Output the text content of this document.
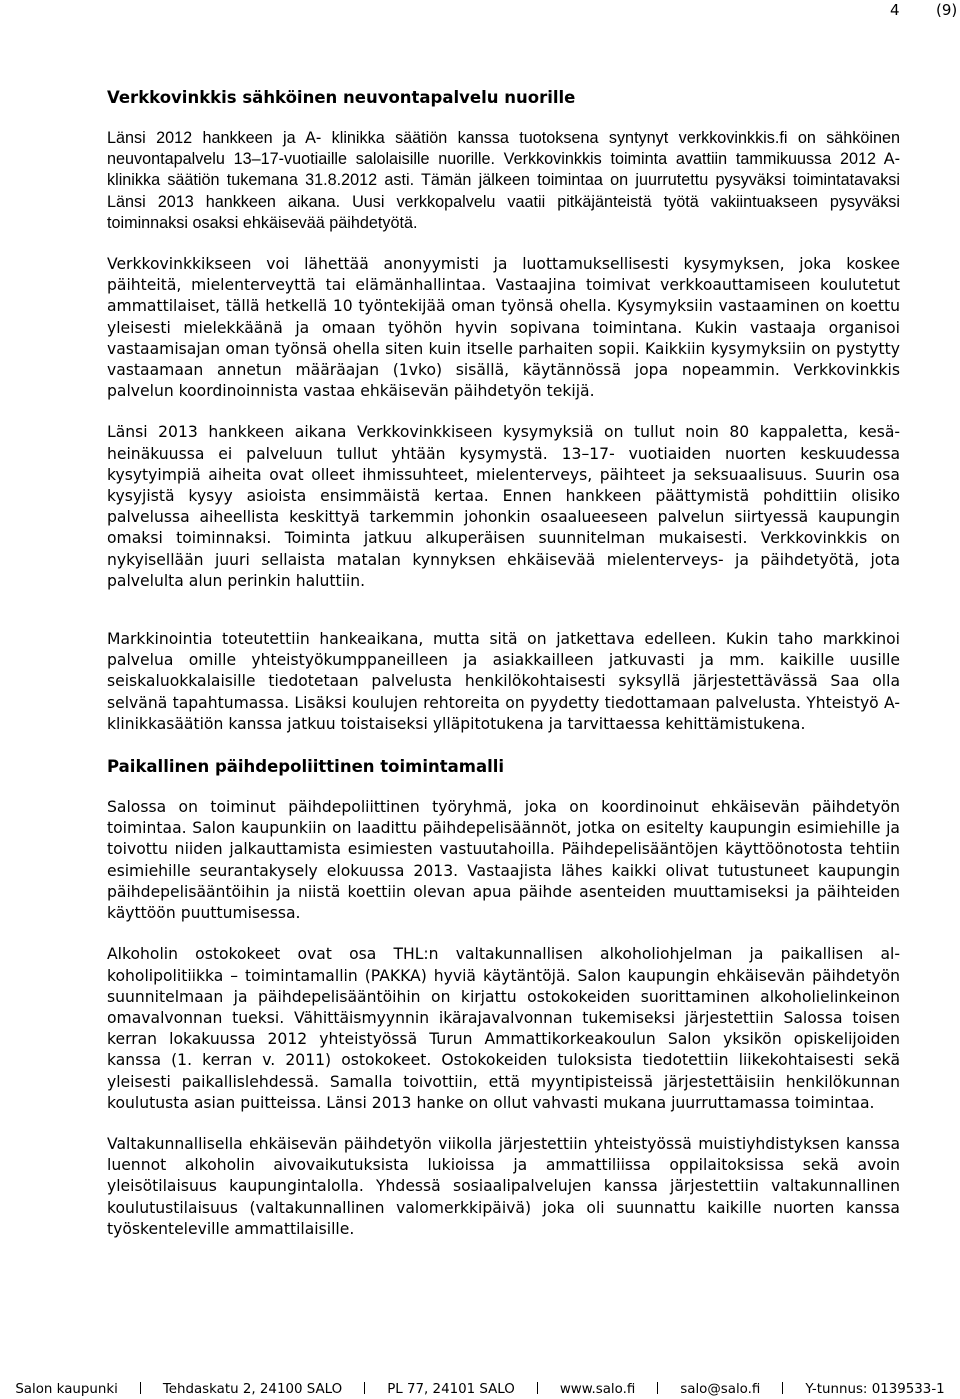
4 (9)
Verkkovinkkis sähköinen neuvontapalvelu nuorille

Länsi 2012 hankkeen ja A- klinikka säätiön kanssa tuotoksena syntynyt verkkovinkkis.fi on sähköinen neuvontapalvelu 13–17-vuotiaille salolaisille nuorille. Verkkovinkkis toiminta avattiin tammikuussa 2012 A-klinikka säätiön tukemana 31.8.2012 asti. Tämän jälkeen toimintaa on juurrutettu pysyväksi toimintatavaksi Länsi 2013 hankkeen aikana. Uusi verkkopalvelu vaatii pitkäjänteistä työtä vakiintuakseen pysyväksi toiminnaksi osaksi ehkäisevää päihdetyötä.

Verkkovinkkikseen voi lähettää anonyymisti ja luottamuksellisesti kysymyksen, joka koskee päihteitä, mielenterveyttä tai elämänhallintaa. Vastaajina toimivat verkkoauttamiseen koulutetut ammattilaiset, tällä hetkellä 10 työntekijää oman työnsä ohella. Kysymyksiin vastaaminen on koettu yleisesti mielekkäänä ja omaan työhön hyvin sopivana toimintana. Kukin vastaaja organisoi vastaamisajan oman työnsä ohella siten kuin itselle parhaiten sopii. Kaikkiin kysymyksiin on pystytty vastaamaan annetun määräajan (1vko) sisällä, käytännössä jopa nopeammin. Verkkovinkkis palvelun koordinoinnista vastaa ehkäisevän päihdetyön tekijä.

Länsi 2013 hankkeen aikana Verkkovinkkiseen kysymyksiä on tullut noin 80 kappaletta, kesä- heinäkuussa ei palveluun tullut yhtään kysymystä. 13–17- vuotiaiden nuorten keskuudessa kysytyimpiä aiheita ovat olleet ihmissuhteet, mielenterveys, päihteet ja seksuaalisuus. Suurin osa kysyjistä kysyy asioista ensimmäistä kertaa. Ennen hankkeen päättymistä pohdittiin olisiko palvelussa aiheellista keskittyä tarkemmin johonkin osaalueeseen palvelun siirtyessä kaupungin omaksi toiminnaksi. Toiminta jatkuu alkuperäisen suunnitelman mukaisesti. Verkkovinkkis on nykyisellään juuri sellaista matalan kynnyksen ehkäisevää mielenterveys- ja päihdetyötä, jota palvelulta alun perinkin haluttiin.

Markkinointia toteutettiin hankeaikana, mutta sitä on jatkettava edelleen. Kukin taho markkinoi palvelua omille yhteistyökumppaneilleen ja asiakkailleen jatkuvasti ja mm. kaikille uusille seiskaluokkalaisille tiedotetaan palvelusta henkilökohtaisesti syksyllä järjestettävässä Saa olla selvänä tapahtumassa. Lisäksi koulujen rehtoreita on pyydetty tiedottamaan palvelusta. Yhteistyö A-klinikkasäätiön kanssa jatkuu toistaiseksi ylläpitotukena ja tarvittaessa kehittämistukena.

Paikallinen päihdepoliittinen toimintamalli

Salossa on toiminut päihdepoliittinen työryhmä, joka on koordinoinut ehkäisevän päihdetyön toimintaa. Salon kaupunkiin on laadittu päihdepelisäännöt, jotka on esitelty kaupungin esimiehille ja toivottu niiden jalkauttamista esimiesten vastuutahoilla. Päihdepelisääntöjen käyttöönotosta tehtiin esimiehille seurantakysely elokuussa 2013. Vastaajista lähes kaikki olivat tutustuneet kaupungin päihdepelisääntöihin ja niistä koettiin olevan apua päihde asenteiden muuttamiseksi ja päihteiden käyttöön puuttumisessa.

Alkoholin ostokokeet ovat osa THL:n valtakunnallisen alkoholiohjelman ja paikallisen alkoholipolitiikka – toimintamallin (PAKKA) hyviä käytäntöjä. Salon kaupungin ehkäisevän päihdetyön suunnitelmaan ja päihdepelisääntöihin on kirjattu ostokokeiden suorittaminen alkoholielinkeinon omavalvonnan tueksi. Vähittäismyynnin ikärajavalvonnan tukemiseksi järjestettiin Salossa toisen kerran lokakuussa 2012 yhteistyössä Turun Ammattikorkeakoulun Salon yksikön opiskelijoiden kanssa (1. kerran v. 2011) ostokokeet. Ostokokeiden tuloksista tiedotettiin liikekohtaisesti sekä yleisesti paikallislehdessä. Samalla toivottiin, että myyntipisteissä järjestettäisiin henkilökunnan koulutusta asian puitteissa. Länsi 2013 hanke on ollut vahvasti mukana juurruttamassa toimintaa.

Valtakunnallisella ehkäisevän päihdetyön viikolla järjestettiin yhteistyössä muistiyhdistyksen kanssa luennot alkoholin aivovaikutuksista lukioissa ja ammattiliissa oppilaitoksissa sekä avoin yleisötilaisuus kaupungintalolla. Yhdessä sosiaalipalvelujen kanssa järjestettiin valtakunnallinen koulutustilaisuus (valtakunnallinen valomerkkipäivä) joka oli suunnattu kaikille nuorten kanssa työskenteleville ammattilaisille.

Salon kaupunki	Tehdaskatu 2, 24100 SALO	PL 77, 24101 SALO	www.salo.fi	salo@salo.fi	Y-tunnus: 0139533-1
